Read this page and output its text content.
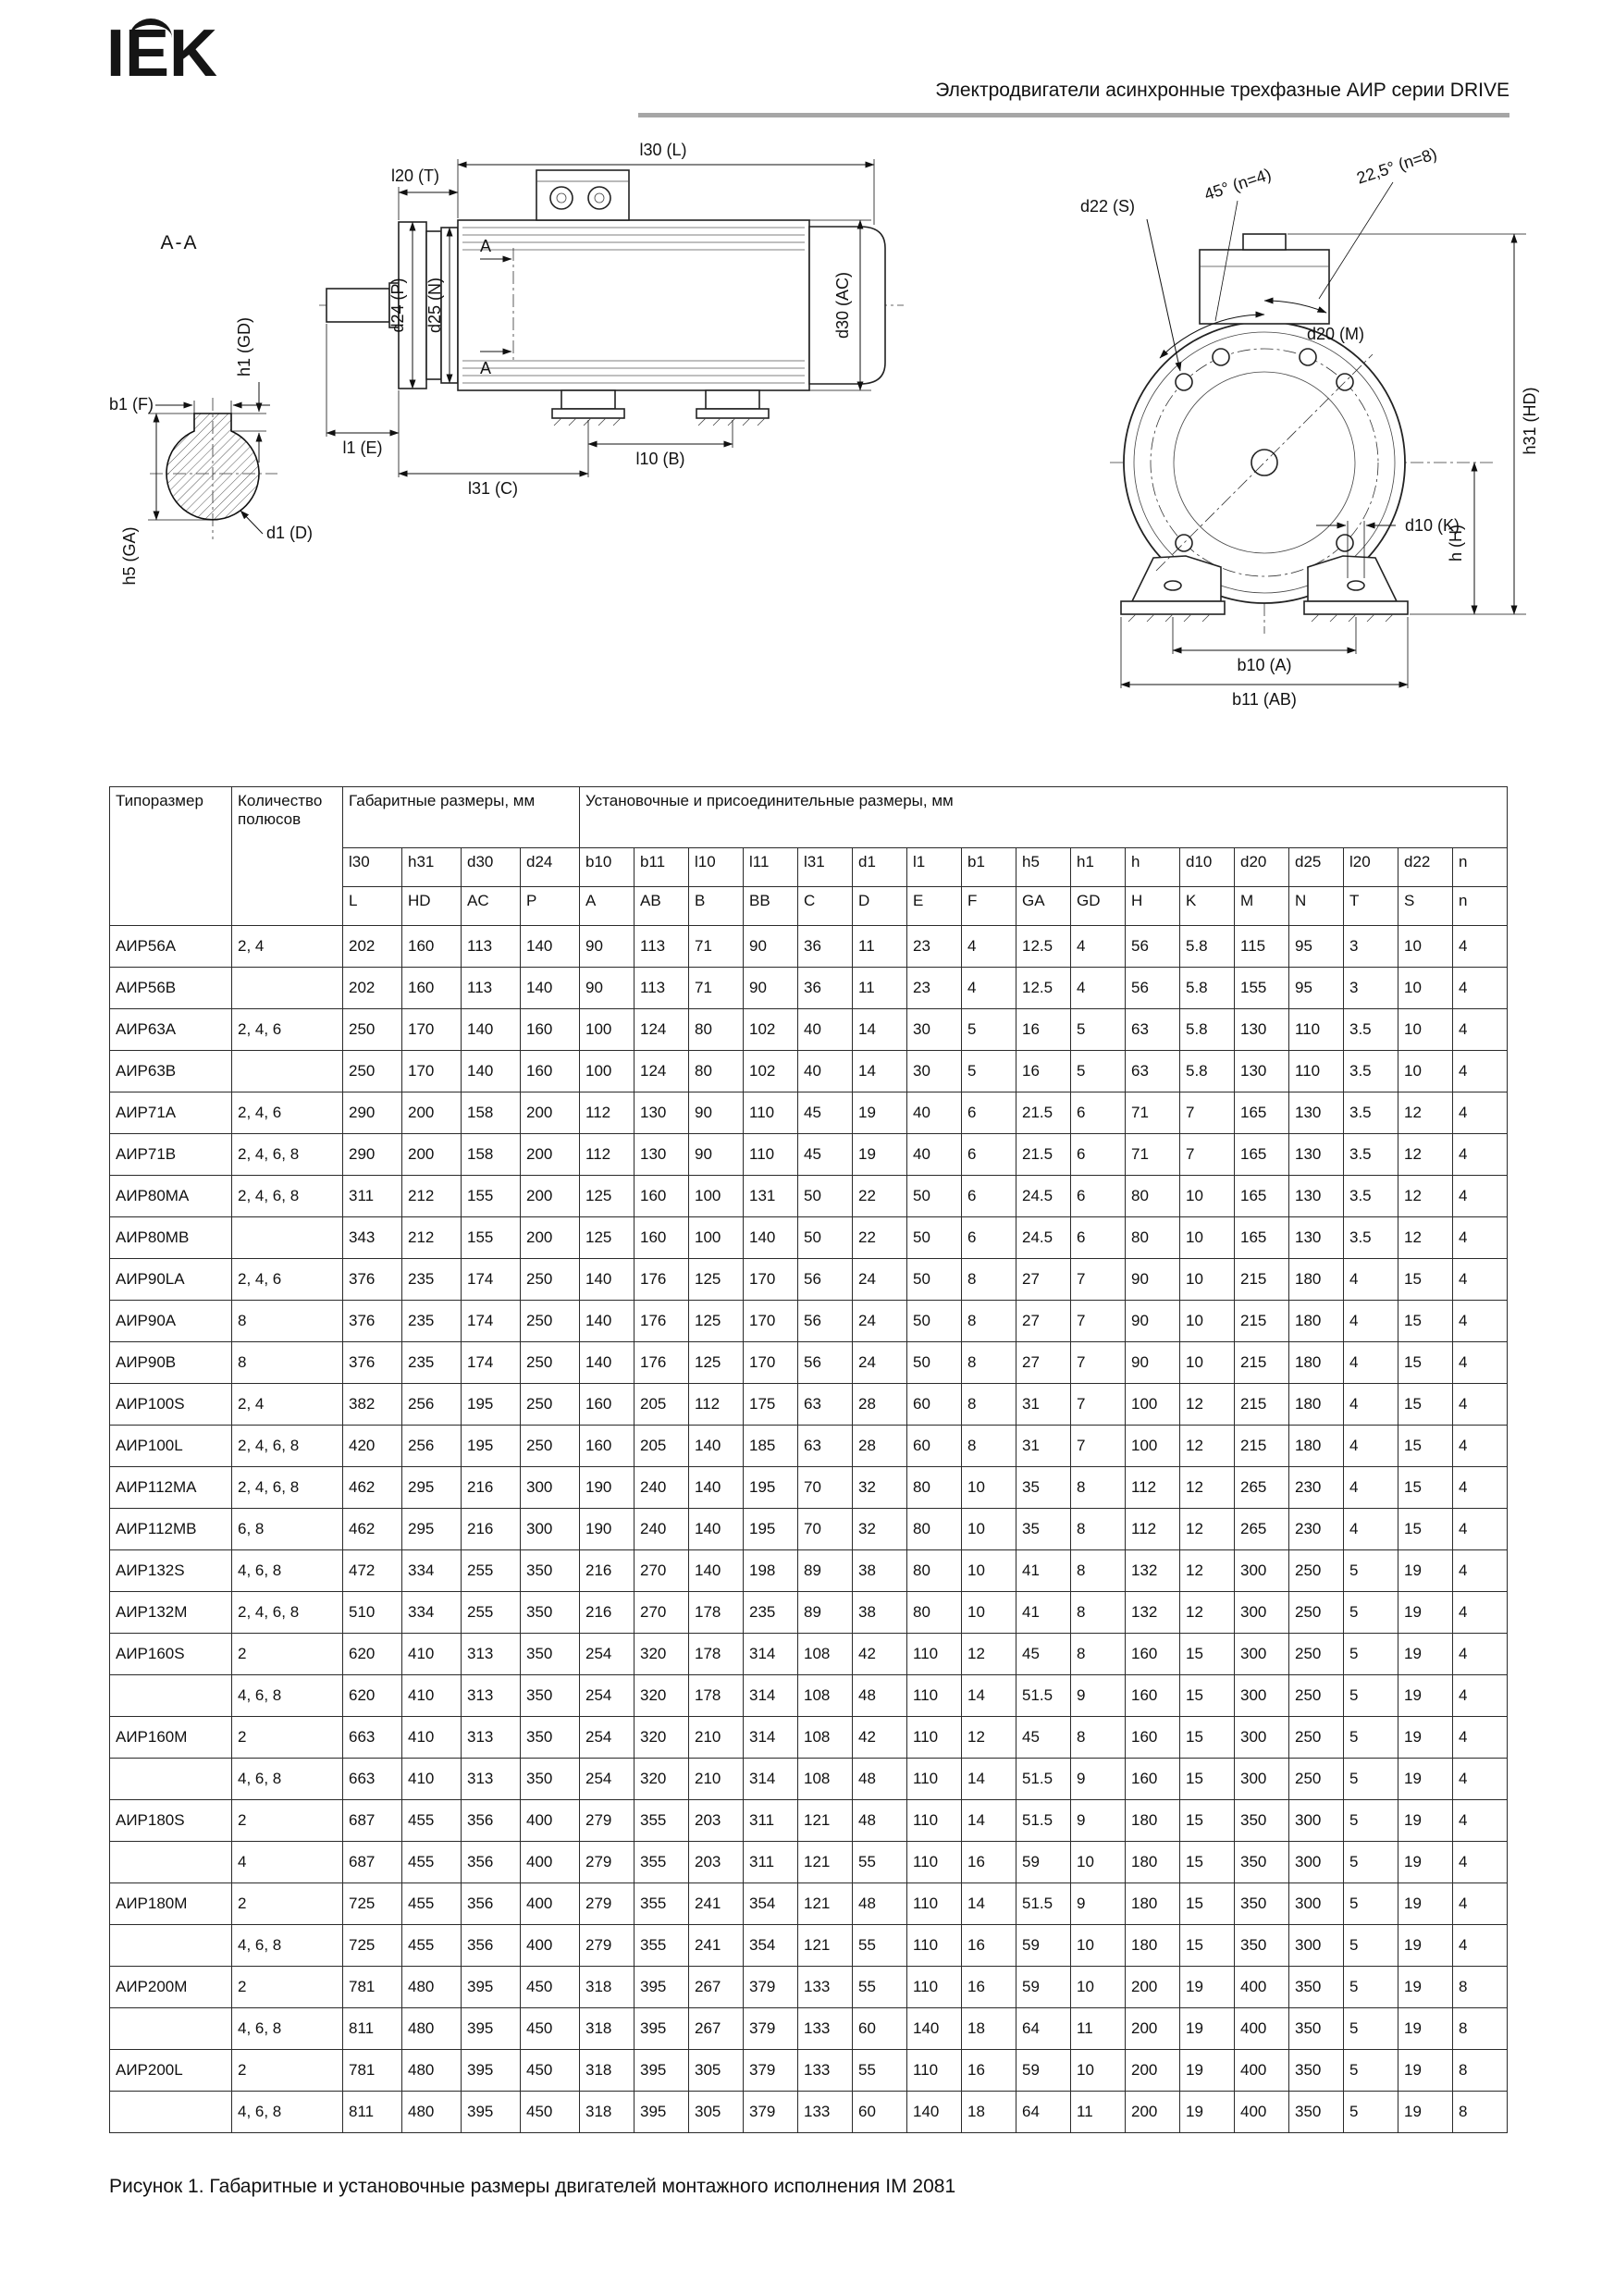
IEK	Электродвигатели асинхронные трехфазные АИР серии DRIVE
A-A
b1 (F)
h1 (GD)
h5 (GA)	d1 (D)
l30 (L)
l20 (T)
d24 (P) d25 (N)
A
A
d30 (AC)
l1 (E)
l10 (B)
l31 (C)
d22 (S)
45° (n=4)	22,5° (n=8)
d20 (M)
h31 (HD)
h (H)
d10 (K)
b10 (A)
b11 (AB)
Типоразмер	Количество полюсов	Габаритные размеры, мм				Установочные и присоединительные размеры, мм																
		l30	h31	d30	d24	b10	b11	l10	l11	l31	d1	l1	b1	h5	h1	h	d10	d20	d25	l20	d22	n
		L	HD	AC	P	A	AB	B	BB	C	D	E	F	GA	GD	H	K	M	N	T	S	n
АИР56А	2, 4	202	160	113	140	90	113	71	90	36	11	23	4	12.5	4	56	5.8	115	95	3	10	4
АИР56В		202	160	113	140	90	113	71	90	36	11	23	4	12.5	4	56	5.8	155	95	3	10	4
АИР63А	2, 4, 6	250	170	140	160	100	124	80	102	40	14	30	5	16	5	63	5.8	130	110	3.5	10	4
АИР63В		250	170	140	160	100	124	80	102	40	14	30	5	16	5	63	5.8	130	110	3.5	10	4
АИР71А	2, 4, 6	290	200	158	200	112	130	90	110	45	19	40	6	21.5	6	71	7	165	130	3.5	12	4
АИР71В	2, 4, 6, 8	290	200	158	200	112	130	90	110	45	19	40	6	21.5	6	71	7	165	130	3.5	12	4
АИР80МА	2, 4, 6, 8	311	212	155	200	125	160	100	131	50	22	50	6	24.5	6	80	10	165	130	3.5	12	4
АИР80МВ		343	212	155	200	125	160	100	140	50	22	50	6	24.5	6	80	10	165	130	3.5	12	4
АИР90LA	2, 4, 6	376	235	174	250	140	176	125	170	56	24	50	8	27	7	90	10	215	180	4	15	4
АИР90А	8	376	235	174	250	140	176	125	170	56	24	50	8	27	7	90	10	215	180	4	15	4
АИР90В	8	376	235	174	250	140	176	125	170	56	24	50	8	27	7	90	10	215	180	4	15	4
АИР100S	2, 4	382	256	195	250	160	205	112	175	63	28	60	8	31	7	100	12	215	180	4	15	4
АИР100L	2, 4, 6, 8	420	256	195	250	160	205	140	185	63	28	60	8	31	7	100	12	215	180	4	15	4
АИР112МА	2, 4, 6, 8	462	295	216	300	190	240	140	195	70	32	80	10	35	8	112	12	265	230	4	15	4
АИР112МВ	6, 8	462	295	216	300	190	240	140	195	70	32	80	10	35	8	112	12	265	230	4	15	4
АИР132S	4, 6, 8	472	334	255	350	216	270	140	198	89	38	80	10	41	8	132	12	300	250	5	19	4
АИР132М	2, 4, 6, 8	510	334	255	350	216	270	178	235	89	38	80	10	41	8	132	12	300	250	5	19	4
АИР160S	2	620	410	313	350	254	320	178	314	108	42	110	12	45	8	160	15	300	250	5	19	4
	4, 6, 8	620	410	313	350	254	320	178	314	108	48	110	14	51.5	9	160	15	300	250	5	19	4
АИР160М	2	663	410	313	350	254	320	210	314	108	42	110	12	45	8	160	15	300	250	5	19	4
	4, 6, 8	663	410	313	350	254	320	210	314	108	48	110	14	51.5	9	160	15	300	250	5	19	4
АИР180S	2	687	455	356	400	279	355	203	311	121	48	110	14	51.5	9	180	15	350	300	5	19	4
	4	687	455	356	400	279	355	203	311	121	55	110	16	59	10	180	15	350	300	5	19	4
АИР180М	2	725	455	356	400	279	355	241	354	121	48	110	14	51.5	9	180	15	350	300	5	19	4
	4, 6, 8	725	455	356	400	279	355	241	354	121	55	110	16	59	10	180	15	350	300	5	19	4
АИР200М	2	781	480	395	450	318	395	267	379	133	55	110	16	59	10	200	19	400	350	5	19	8
	4, 6, 8	811	480	395	450	318	395	267	379	133	60	140	18	64	11	200	19	400	350	5	19	8
АИР200L	2	781	480	395	450	318	395	305	379	133	55	110	16	59	10	200	19	400	350	5	19	8
	4, 6, 8	811	480	395	450	318	395	305	379	133	60	140	18	64	11	200	19	400	350	5	19	8
Рисунок 1. Габаритные и установочные размеры двигателей монтажного исполнения IM 2081
